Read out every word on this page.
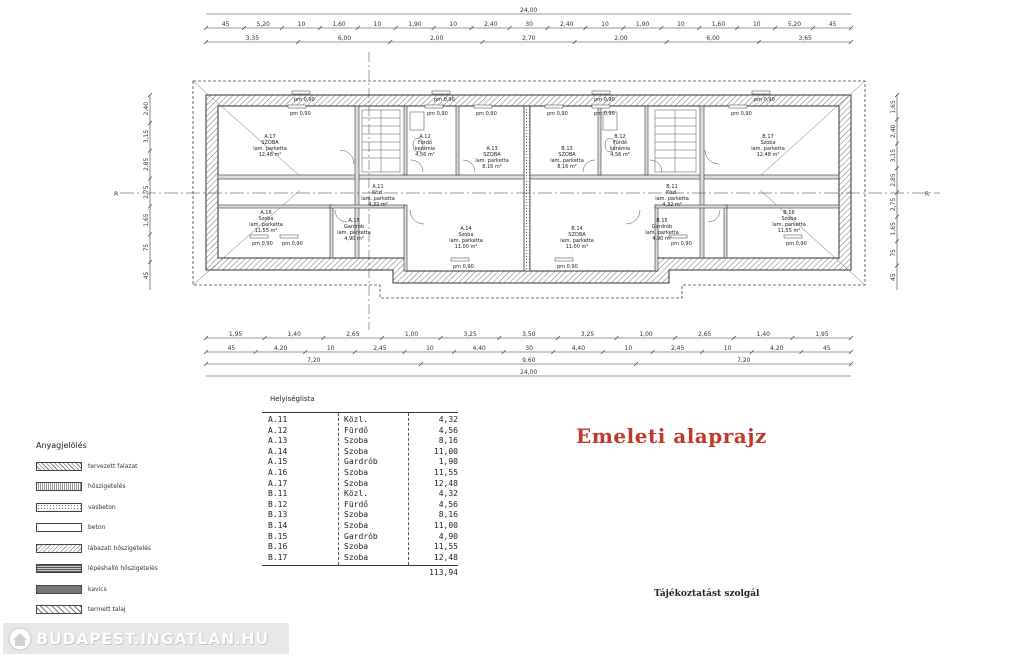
24,00
45	5,20	10	1,60	10	1,90	10	2,40	30	2,40	10	1,90	10	1,60	10	5,20	45
3,35	6,00	2,00	2,70	2,00	6,00	3,65
1,95	1,40	2,65	1,00	3,25	3,50	3,25	1,00	2,65	1,40	1,95
45	4,20	10	2,45	10	4,40	30	4,40	10	2,45	10	4,20	45
7,20	9,60	7,20
24,00
2,40
3,15
2,85
2,75
1,65
75
45
1,65
2,40
3,15
2,85
2,75
1,65
75
45
R	R
pm 0,90	pm 0,90	pm 0,90	pm 0,90	pm 0,90	pm 0,90
pm 0,90 pm 0,90
pm 0,90	pm 0,90
pm 0,90	pm 0,90
pm 0,90	pm 0,90	pm 0,90	pm 0,90
A.17
SZOBA
lam. parketta
12,48 m²
A.12
Fürdő
kerámia
4,56 m²
A.13
SZOBA
lam. parketta
8,16 m²
B.13
SZOBA
lam. parketta
8,16 m²
B.12
Fürdő
kerámia
4,56 m²
B.17
Szoba
lam. parketta
12,48 m²
A.11
Közl.
lam. parketta
4,32 m²
B.11
Közl.
lam. parketta
4,32 m²
A.16
Szoba
lam. parketta
11,55 m²
A.15
Gardrób
lam. parketta
4,90 m²
A.14
Szoba
lam. parketta
11,00 m²
B.14
SZOBA
lam. parketta
11,00 m²
B.15
Gardrób
lam. parketta
4,90 m²
B.16
Szoba
lam. parketta
11,55 m²
Emeleti alaprajz
Tájékoztatást szolgál
Anyagjelölés
tervezett falazat
hőszigetelés
vasbeton
beton
lábazati hőszigetelés
lépéshalló hőszigetelés
kavics
termett talaj
Helyiséglista
A.11	Közl.	4,32
A.12	Fürdő	4,56
A.13	Szoba	8,16
A.14	Szoba	11,00
A.15	Gardrób	1,90
A.16	Szoba	11,55
A.17	Szoba	12,48
B.11	Közl.	4,32
B.12	Fürdő	4,56
B.13	Szoba	8,16
B.14	Szoba	11,00
B.15	Gardrób	4,90
B.16	Szoba	11,55
B.17	Szoba	12,48
113,94
BUDAPEST.INGATLAN.HU
